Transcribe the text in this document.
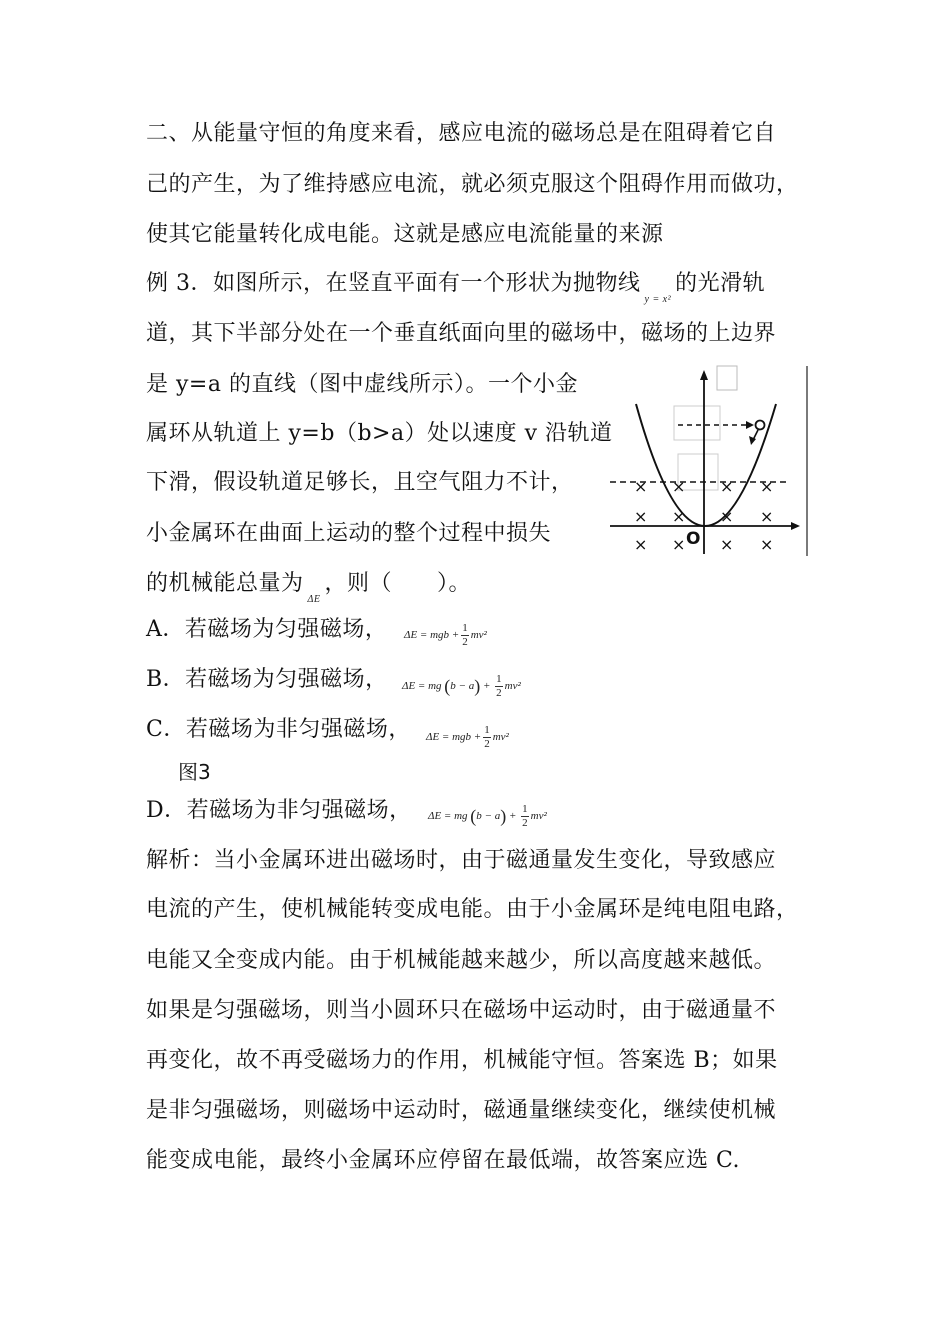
二、从能量守恒的角度来看，感应电流的磁场总是在阻碍着它自
己的产生，为了维持感应电流，就必须克服这个阻碍作用而做功，
使其它能量转化成电能。这就是感应电流能量的来源
例 3．如图所示，在竖直平面有一个形状为抛物线$_{y = x^2}$的光滑轨
道，其下半部分处在一个垂直纸面向里的磁场中，磁场的上边界
是 y=a 的直线（图中虚线所示）。一个小金
属环从轨道上 y=b（b>a）处以速度 v 沿轨道
下滑，假设轨道足够长，且空气阻力不计，
小金属环在曲面上运动的整个过程中损失
的机械能总量为$_{\Delta E}$，则（　　）。
× × × ×
× × × ×
× × × ×
O
A．若磁场为匀强磁场， ΔE = mgb + $\frac{1}{2} mv^2$
B．若磁场为匀强磁场， ΔE = mg $(b - a) + \frac{1}{2} mv^2$
C．若磁场为非匀强磁场， ΔE = mgb + $\frac{1}{2} mv^2$
图3
D．若磁场为非匀强磁场， ΔE = mg $(b - a) + \frac{1}{2} mv^2$
解析：当小金属环进出磁场时，由于磁通量发生变化，导致感应
电流的产生，使机械能转变成电能。由于小金属环是纯电阻电路，
电能又全变成内能。由于机械能越来越少，所以高度越来越低。
如果是匀强磁场，则当小圆环只在磁场中运动时，由于磁通量不
再变化，故不再受磁场力的作用，机械能守恒。答案选 B；如果
是非匀强磁场，则磁场中运动时，磁通量继续变化，继续使机械
能变成电能，最终小金属环应停留在最低端，故答案应选 C.
